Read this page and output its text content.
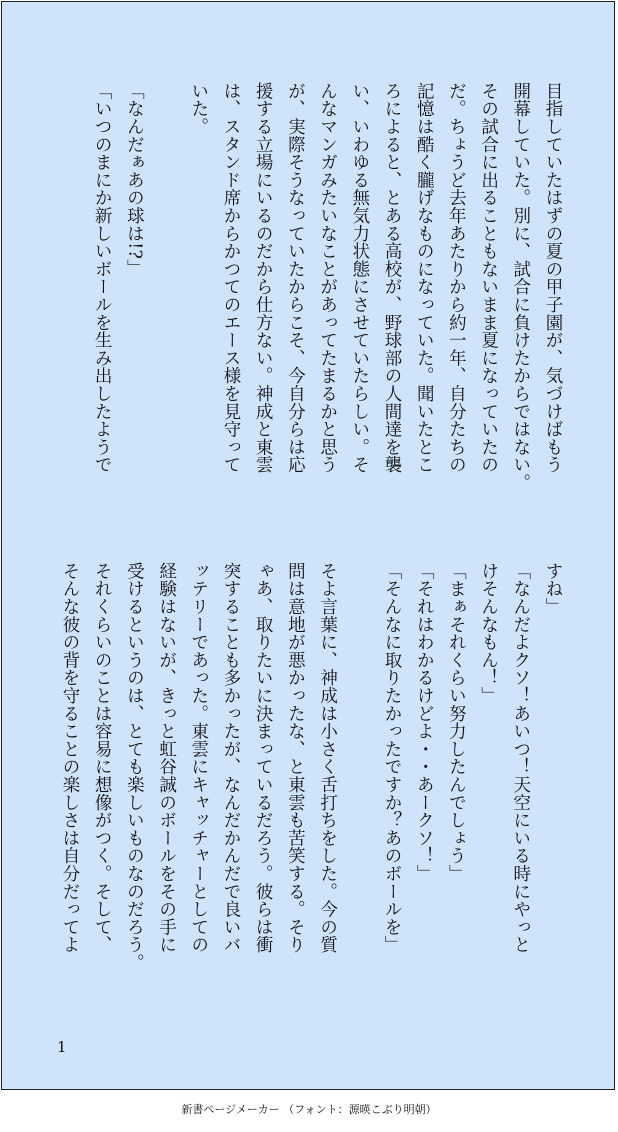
目指していたはずの夏の甲子園が、気づけばもう

開幕していた。別に、試合に負けたからではない。

その試合に出ることもないまま夏になっていたの

だ。ちょうど去年あたりから約一年、自分たちの

記憶は酷く朧げなものになっていた。聞いたとこ

ろによると、とある高校が、野球部の人間達を襲

い、いわゆる無気力状態にさせていたらしい。そ

んなマンガみたいなことがあってたまるかと思う

が、実際そうなっていたからこそ、今自分らは応

援する立場にいるのだから仕方ない。神成と東雲

は、スタンド席からかつてのエース様を見守って

いた。

「なんだぁあの球は!?」

「いつのまにか新しいボールを生み出したようで

すね」

「なんだよクソ！あいつ！天空にいる時にやっと

けそんなもん！」

「まぁそれくらい努力したんでしょう」

「それはわかるけどよ・・あークソ！」

「そんなに取りたかったですか？あのボールを」

そよ言葉に、神成は小さく舌打ちをした。今の質

問は意地が悪かったな、と東雲も苦笑する。そり

ゃあ、取りたいに決まっているだろう。彼らは衝

突することも多かったが、なんだかんだで良いバ

ッテリーであった。東雲にキャッチャーとしての

経験はないが、きっと虹谷誠のボールをその手に

受けるというのは、とても楽しいものなのだろう。

それくらいのことは容易に想像がつく。そして、

そんな彼の背を守ることの楽しさは自分だってよ

1
新書ページメーカー （フォント：源暎こぶり明朝）
